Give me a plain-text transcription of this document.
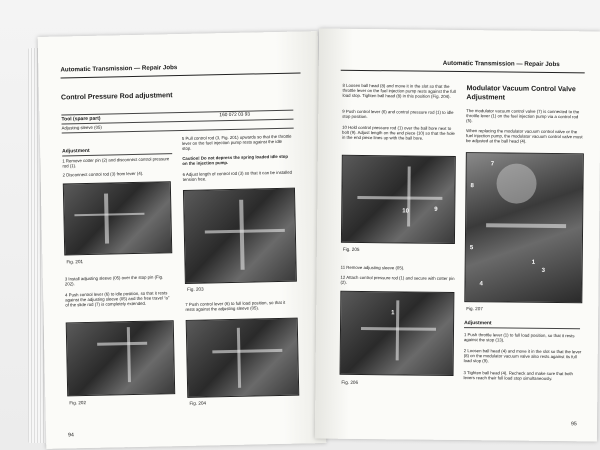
Automatic Transmission — Repair Jobs
Control Pressure Rod adjustment
Tool (spare part)
160 072 03 93
Adjusting sleeve (05)
Adjustment
1 Remove cotter pin (2) and disconnect control pressure rod (1).
2 Disconnect control rod (3) from lever (4).
Fig. 201
3 Install adjusting sleeve (05) over the stop pin (Fig. 202).
4 Push control lever (6) to idle position, so that it rests against the adjusting sleeve (05) and the free travel “a” of the slide rod (7) is completely extended.
Fig. 202
5 Pull control rod (3, Fig. 201) upwards so that the throttle lever on the fuel injection pump rests against the idle stop.
Caution! Do not depress the spring loaded idle stop on the injection pump.
6 Adjust length of control rod (3) so that it can be installed tension free.
Fig. 203
7 Push control lever (6) to full load position, so that it rests against the adjusting sleeve (05).
Fig. 204
94
Automatic Transmission — Repair Jobs
8 Loosen ball head (8) and move it in the slot so that the throttle lever on the fuel injection pump rests against the full load stop. Tighten ball head (8) in this position (Fig. 204).
9 Push control lever (6) and control pressure rod (1) to idle stop position.
10 Hold control pressure rod (1) over the ball bore next to bolt (9). Adjust length on the end piece (10) so that the hole in the end piece lines up with the ball bore.
10	9
Fig. 205
11 Remove adjusting sleeve (05).
12 Attach control pressure rod (1) and secure with cotter pin (2).
1
Fig. 206
Modulator Vacuum Control Valve Adjustment
The modulator vacuum control valve (7) is connected to the throttle lever (1) on the fuel injection pump via a control rod (5).
When replacing the modulator vacuum control valve or the fuel injection pump, the modulator vacuum control valve must be adjusted at the ball head (4).
7
8
5
1
3
4
Fig. 207
Adjustment
1 Push throttle lever (1) to full load position, so that it rests against the stop (13).
2 Loosen ball head (4) and move it in the slot so that the lever (8) on the modulator vacuum valve also rests against its full load stop (9).
3 Tighten ball head (4). Recheck and make sure that both levers reach their full load stop simultaneously.
95
